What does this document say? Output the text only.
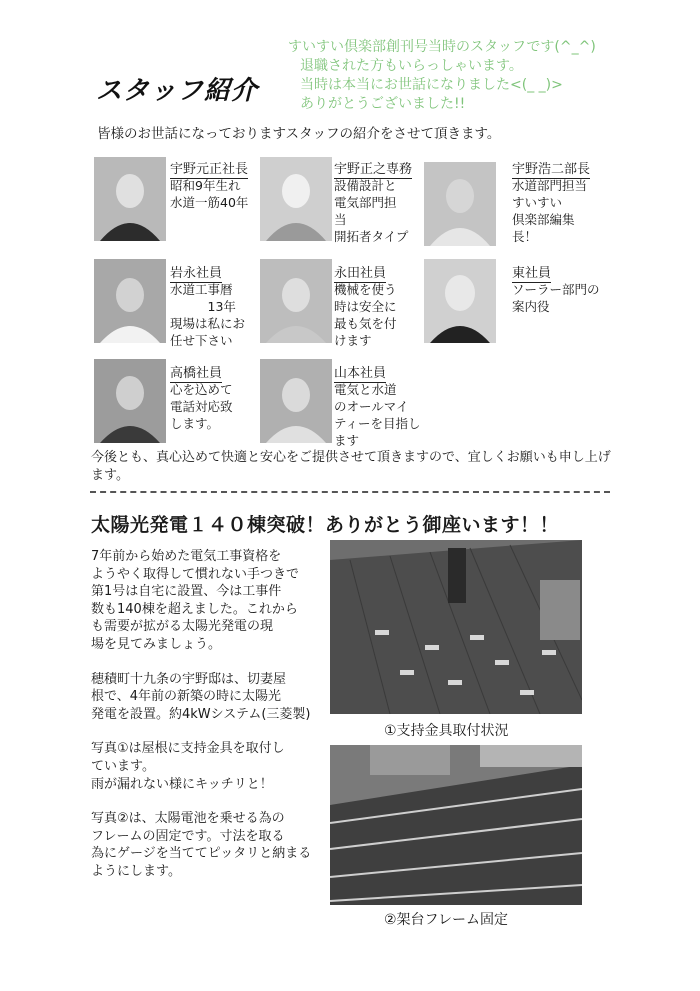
すいすい倶楽部創刊号当時のスタッフです(^_^)
退職された方もいらっしゃいます。
当時は本当にお世話になりました<(_ _)>
ありがとうございました!!
スタッフ紹介
皆様のお世話になっておりますスタッフの紹介をさせて頂きます。
宇野元正社長
昭和9年生れ
水道一筋40年
宇野正之専務
設備設計と
電気部門担
当
開拓者タイプ
宇野浩二部長
水道部門担当
すいすい
倶楽部編集
長！
岩永社員
水道工事暦
　　　13年
現場は私にお
任せ下さい
永田社員
機械を使う
時は安全に
最も気を付
けます
東社員
ソーラー部門の
案内役
高橋社員
心を込めて
電話対応致
します。
山本社員
電気と水道
のオールマイ
ティーを目指し
ます
今後とも、真心込めて快適と安心をご提供させて頂きますので、宜しくお願いも申し上げます。
太陽光発電１４０棟突破！ありがとう御座います！！

7年前から始めた電気工事資格を
ようやく取得して慣れない手つきで
第1号は自宅に設置、今は工事件
数も140棟を超えました。これから
も需要が拡がる太陽光発電の現
場を見てみましょう。

穂積町十九条の宇野邸は、切妻屋
根で、4年前の新築の時に太陽光
発電を設置。約4kWシステム(三菱製)

写真①は屋根に支持金具を取付し
ています。
雨が漏れない様にキッチリと！

写真②は、太陽電池を乗せる為の
フレームの固定です。寸法を取る
為にゲージを当ててピッタリと納まる
ようにします。

①支持金具取付状況
②架台フレーム固定
